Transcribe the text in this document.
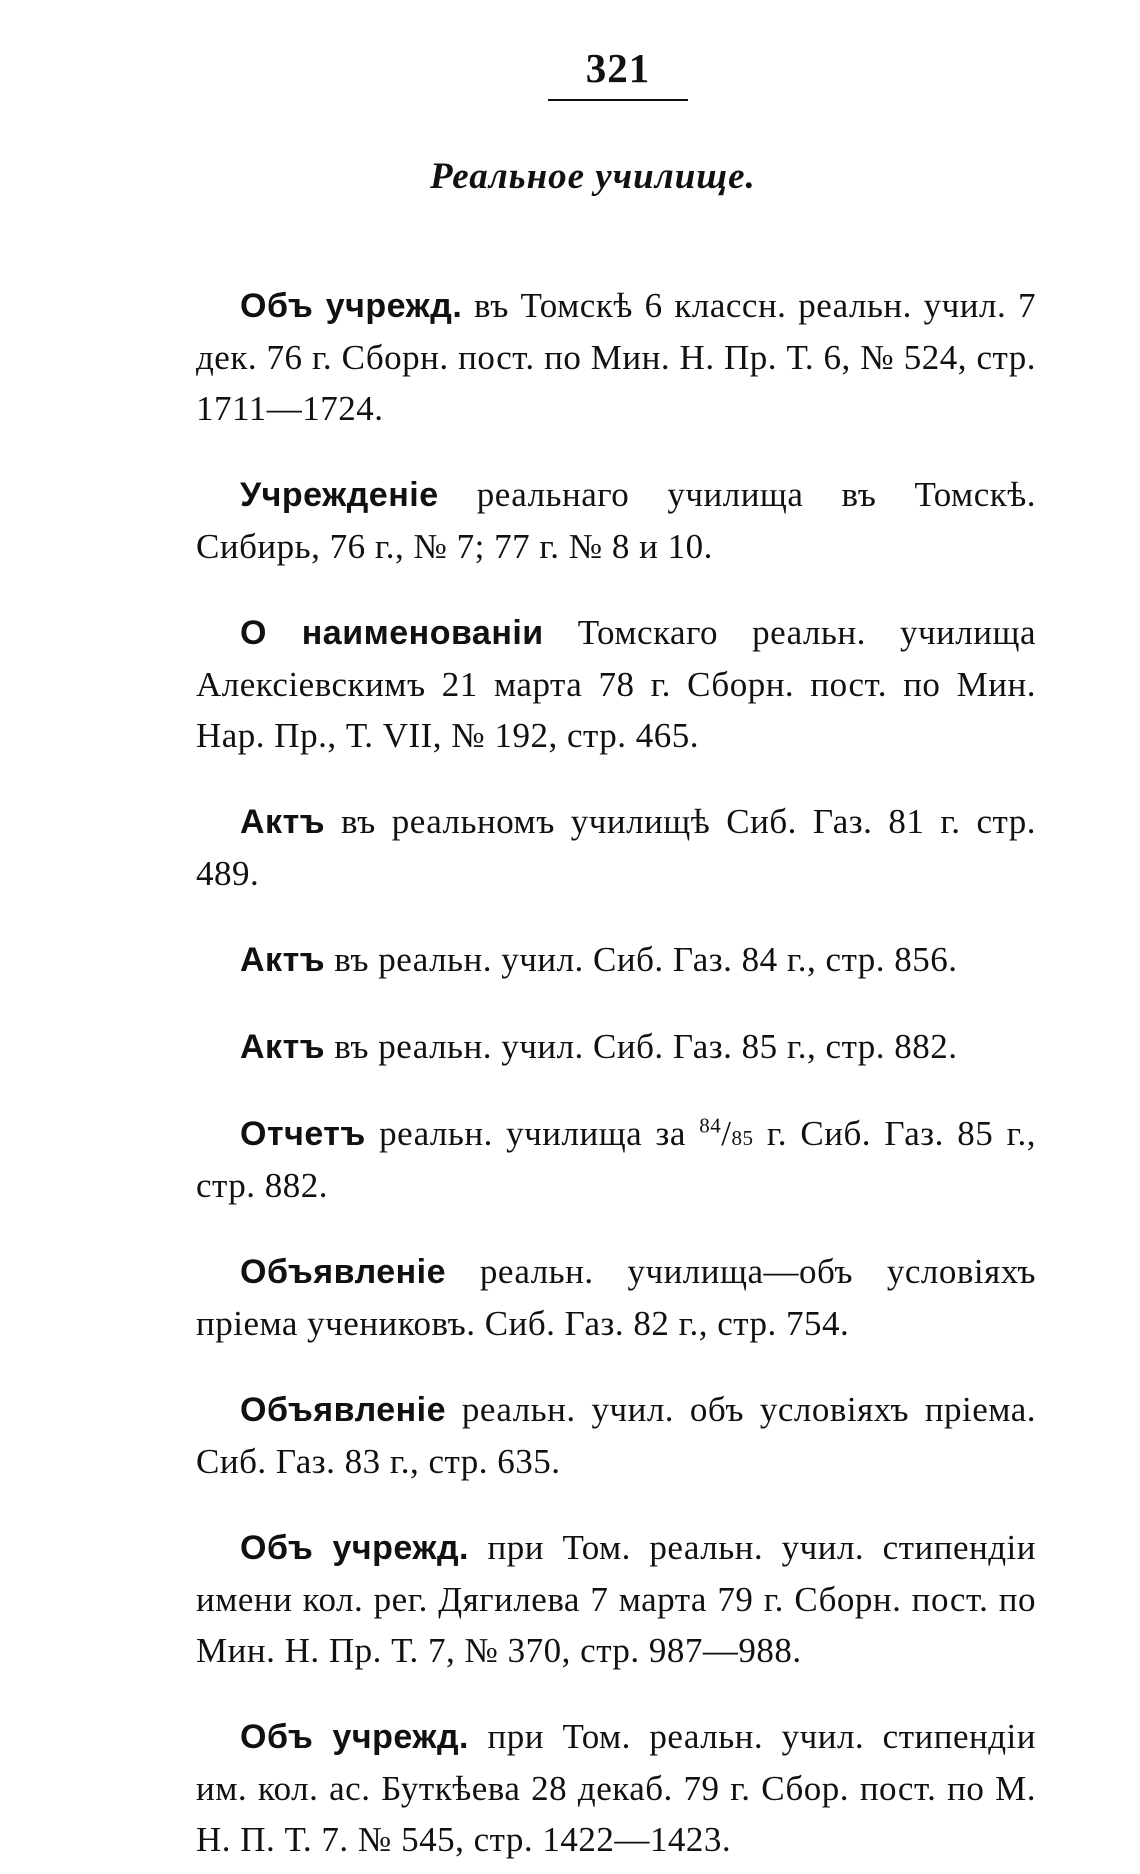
321
Реальное училище.

Объ учрежд. въ Томскѣ 6 классн. реальн. учил. 7 дек. 76 г. Сборн. пост. по Мин. Н. Пр. Т. 6, № 524, стр. 1711—1724.

Учрежденіе реальнаго училища въ Томскѣ. Сибирь, 76 г., № 7; 77 г. № 8 и 10.

О наименованіи Томскаго реальн. училища Алексіевскимъ 21 марта 78 г. Сборн. пост. по Мин. Нар. Пр., Т. VII, № 192, стр. 465.

Актъ въ реальномъ училищѣ Сиб. Газ. 81 г. стр. 489.

Актъ въ реальн. учил. Сиб. Газ. 84 г., стр. 856.

Актъ въ реальн. учил. Сиб. Газ. 85 г., стр. 882.

Отчетъ реальн. училища за $^{84}$/85 г. Сиб. Газ. 85 г., стр. 882.

Объявленіе реальн. училища—объ условіяхъ пріема учениковъ. Сиб. Газ. 82 г., стр. 754.

Объявленіе реальн. учил. объ условіяхъ пріема. Сиб. Газ. 83 г., стр. 635.

Объ учрежд. при Том. реальн. учил. стипендіи имени кол. рег. Дягилева 7 марта 79 г. Сборн. пост. по Мин. Н. Пр. Т. 7, № 370, стр. 987—988.

Объ учрежд. при Том. реальн. учил. стипендіи им. кол. ас. Буткѣева 28 декаб. 79 г. Сбор. пост. по М. Н. П. Т. 7. № 545, стр. 1422—1423.
